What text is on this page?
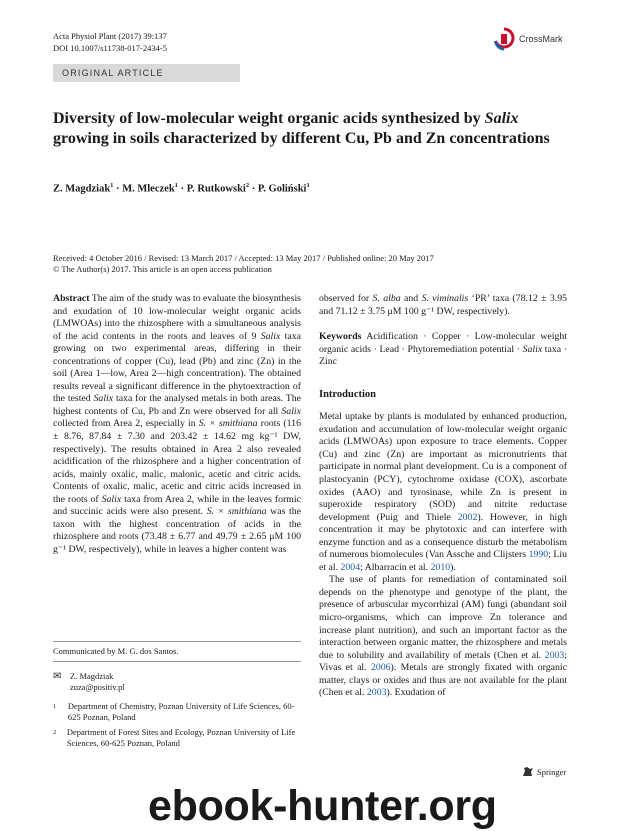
Acta Physiol Plant (2017) 39:137
DOI 10.1007/s11738-017-2434-5
CrossMark
ORIGINAL ARTICLE
Diversity of low-molecular weight organic acids synthesized by Salix growing in soils characterized by different Cu, Pb and Zn concentrations
Z. Magdziak$^1$ · M. Mleczek$^1$ · P. Rutkowski$^2$ · P. Goliński$^1$
Received: 4 October 2016 / Revised: 13 March 2017 / Accepted: 13 May 2017 / Published online: 20 May 2017
© The Author(s) 2017. This article is an open access publication
Abstract The aim of the study was to evaluate the biosynthesis and exudation of 10 low-molecular weight organic acids (LMWOAs) into the rhizosphere with a simultaneous analysis of the acid contents in the roots and leaves of 9 Salix taxa growing on two experimental areas, differing in their concentrations of copper (Cu), lead (Pb) and zinc (Zn) in the soil (Area 1—low, Area 2—high concentration). The obtained results reveal a significant difference in the phytoextraction of the tested Salix taxa for the analysed metals in both areas. The highest contents of Cu, Pb and Zn were observed for all Salix collected from Area 2, especially in S. × smithiana roots (116 ± 8.76, 87.84 ± 7.30 and 203.42 ± 14.62 mg kg⁻¹ DW, respectively). The results obtained in Area 2 also revealed acidification of the rhizosphere and a higher concentration of acids, mainly oxalic, malic, malonic, acetic and citric acids. Contents of oxalic, malic, acetic and citric acids increased in the roots of Salix taxa from Area 2, while in the leaves formic and succinic acids were also present. S. × smithiana was the taxon with the highest concentration of acids in the rhizosphere and roots (73.48 ± 6.77 and 49.79 ± 2.65 μM 100 g⁻¹ DW, respectively), while in leaves a higher content was
observed for S. alba and S. viminalis ‘PR’ taxa (78.12 ± 3.95 and 71.12 ± 3.75 μM 100 g⁻¹ DW, respectively).
Keywords Acidification · Copper · Low-molecular weight organic acids · Lead · Phytoremediation potential · Salix taxa · Zinc
Introduction
Metal uptake by plants is modulated by enhanced production, exudation and accumulation of low-molecular weight organic acids (LMWOAs) upon exposure to trace elements. Copper (Cu) and zinc (Zn) are important as micronutrients that participate in normal plant development. Cu is a component of plastocyanin (PCY), cytochrome oxidase (COX), ascorbate oxides (AAO) and tyrosinase, while Zn is present in superoxide respiratory (SOD) and nitrite reductase development (Puig and Thiele 2002). However, in high concentration it may be phytotoxic and can interfere with enzyme function and as a consequence disturb the metabolism of numerous biomolecules (Van Assche and Clijsters 1990; Liu et al. 2004; Albarracín et al. 2010).
The use of plants for remediation of contaminated soil depends on the phenotype and genotype of the plant, the presence of arbuscular mycorrhizal (AM) fungi (abundant soil micro-organisms, which can improve Zn tolerance and increase plant nutrition), and such an important factor as the interaction between organic matter, the rhizosphere and metals due to solubility and availability of metals (Chen et al. 2003; Vivas et al. 2006). Metals are strongly fixated with organic matter, clays or oxides and thus are not available for the plant (Chen et al. 2003). Exudation of
Communicated by M. G. dos Santos.
✉ Z. Magdziak
zuza@positiv.pl
1	Department of Chemistry, Poznan University of Life Sciences, 60-625 Poznan, Poland
2	Department of Forest Sites and Ecology, Poznan University of Life Sciences, 60-625 Poznan, Poland
Springer
ebook-hunter.org
